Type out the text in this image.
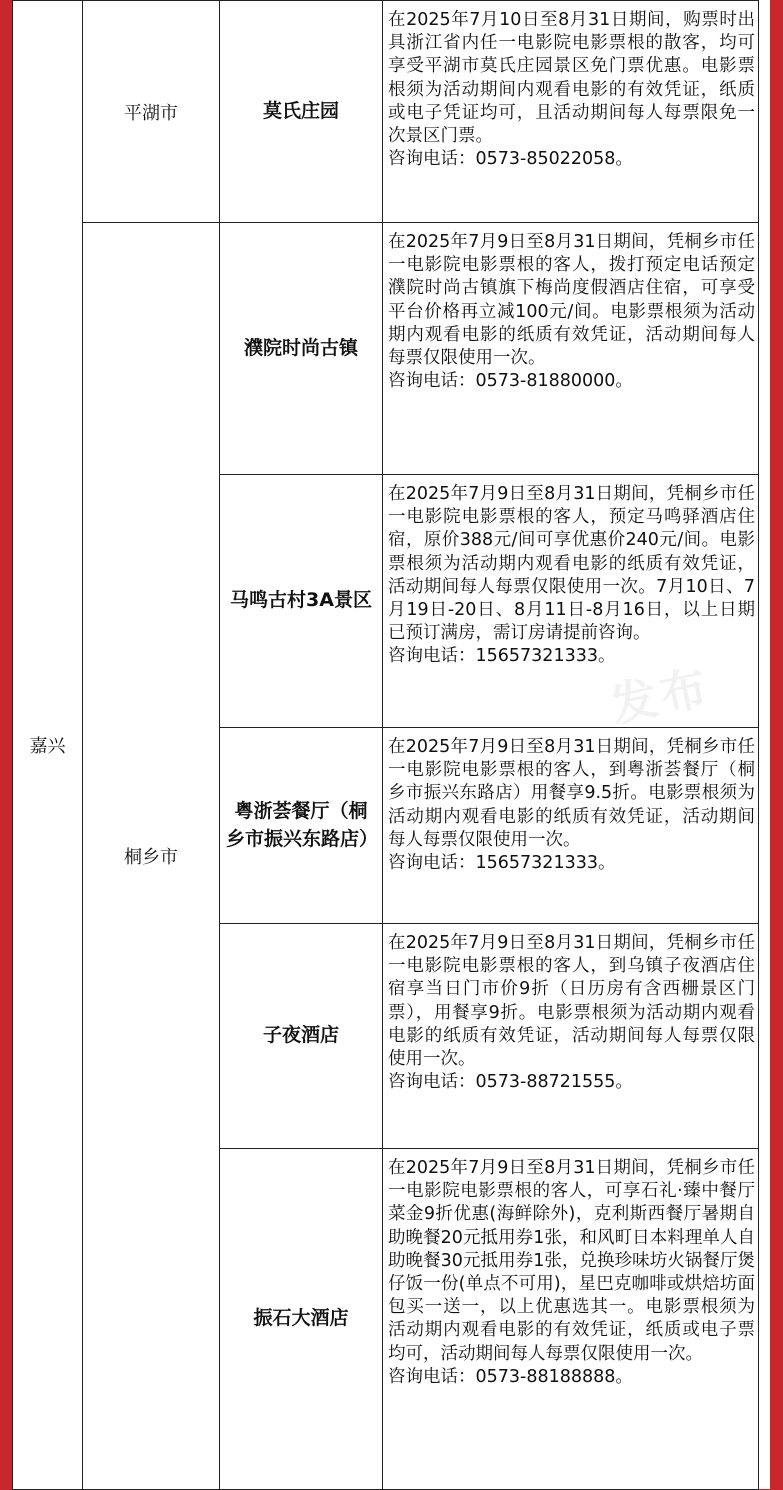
嘉兴	平湖市	莫氏庄园	在2025年7月10日至8月31日期间，购票时出具浙江省内任一电影院电影票根的散客，均可享受平湖市莫氏庄园景区免门票优惠。电影票根须为活动期间内观看电影的有效凭证，纸质或电子凭证均可，且活动期间每人每票限免一次景区门票。
咨询电话：0573-85022058。

	桐乡市	濮院时尚古镇	在2025年7月9日至8月31日期间，凭桐乡市任一电影院电影票根的客人，拨打预定电话预定濮院时尚古镇旗下梅尚度假酒店住宿，可享受平台价格再立减100元/间。电影票根须为活动期内观看电影的纸质有效凭证，活动期间每人每票仅限使用一次。
咨询电话：0573-81880000。

		马鸣古村3A景区	在2025年7月9日至8月31日期间，凭桐乡市任一电影院电影票根的客人，预定马鸣驿酒店住宿，原价388元/间可享优惠价240元/间。电影票根须为活动期内观看电影的纸质有效凭证，活动期间每人每票仅限使用一次。7月10日、7月19日-20日、8月11日-8月16日，以上日期已预订满房，需订房请提前咨询。
咨询电话：15657321333。

		粤浙荟餐厅（桐乡市振兴东路店）	在2025年7月9日至8月31日期间，凭桐乡市任一电影院电影票根的客人，到粤浙荟餐厅（桐乡市振兴东路店）用餐享9.5折。电影票根须为活动期内观看电影的纸质有效凭证，活动期间每人每票仅限使用一次。
咨询电话：15657321333。

		子夜酒店	在2025年7月9日至8月31日期间，凭桐乡市任一电影院电影票根的客人，到乌镇子夜酒店住宿享当日门市价9折（日历房有含西栅景区门票），用餐享9折。电影票根须为活动期内观看电影的纸质有效凭证，活动期间每人每票仅限使用一次。
咨询电话：0573-88721555。

		振石大酒店	在2025年7月9日至8月31日期间，凭桐乡市任一电影院电影票根的客人，可享石礼·臻中餐厅菜金9折优惠(海鲜除外)，克利斯西餐厅暑期自助晚餐20元抵用券1张，和风町日本料理单人自助晚餐30元抵用券1张，兑换珍味坊火锅餐厅煲仔饭一份(单点不可用)，星巴克咖啡或烘焙坊面包买一送一，以上优惠选其一。电影票根须为活动期内观看电影的有效凭证，纸质或电子票均可，活动期间每人每票仅限使用一次。
咨询电话：0573-88188888。
